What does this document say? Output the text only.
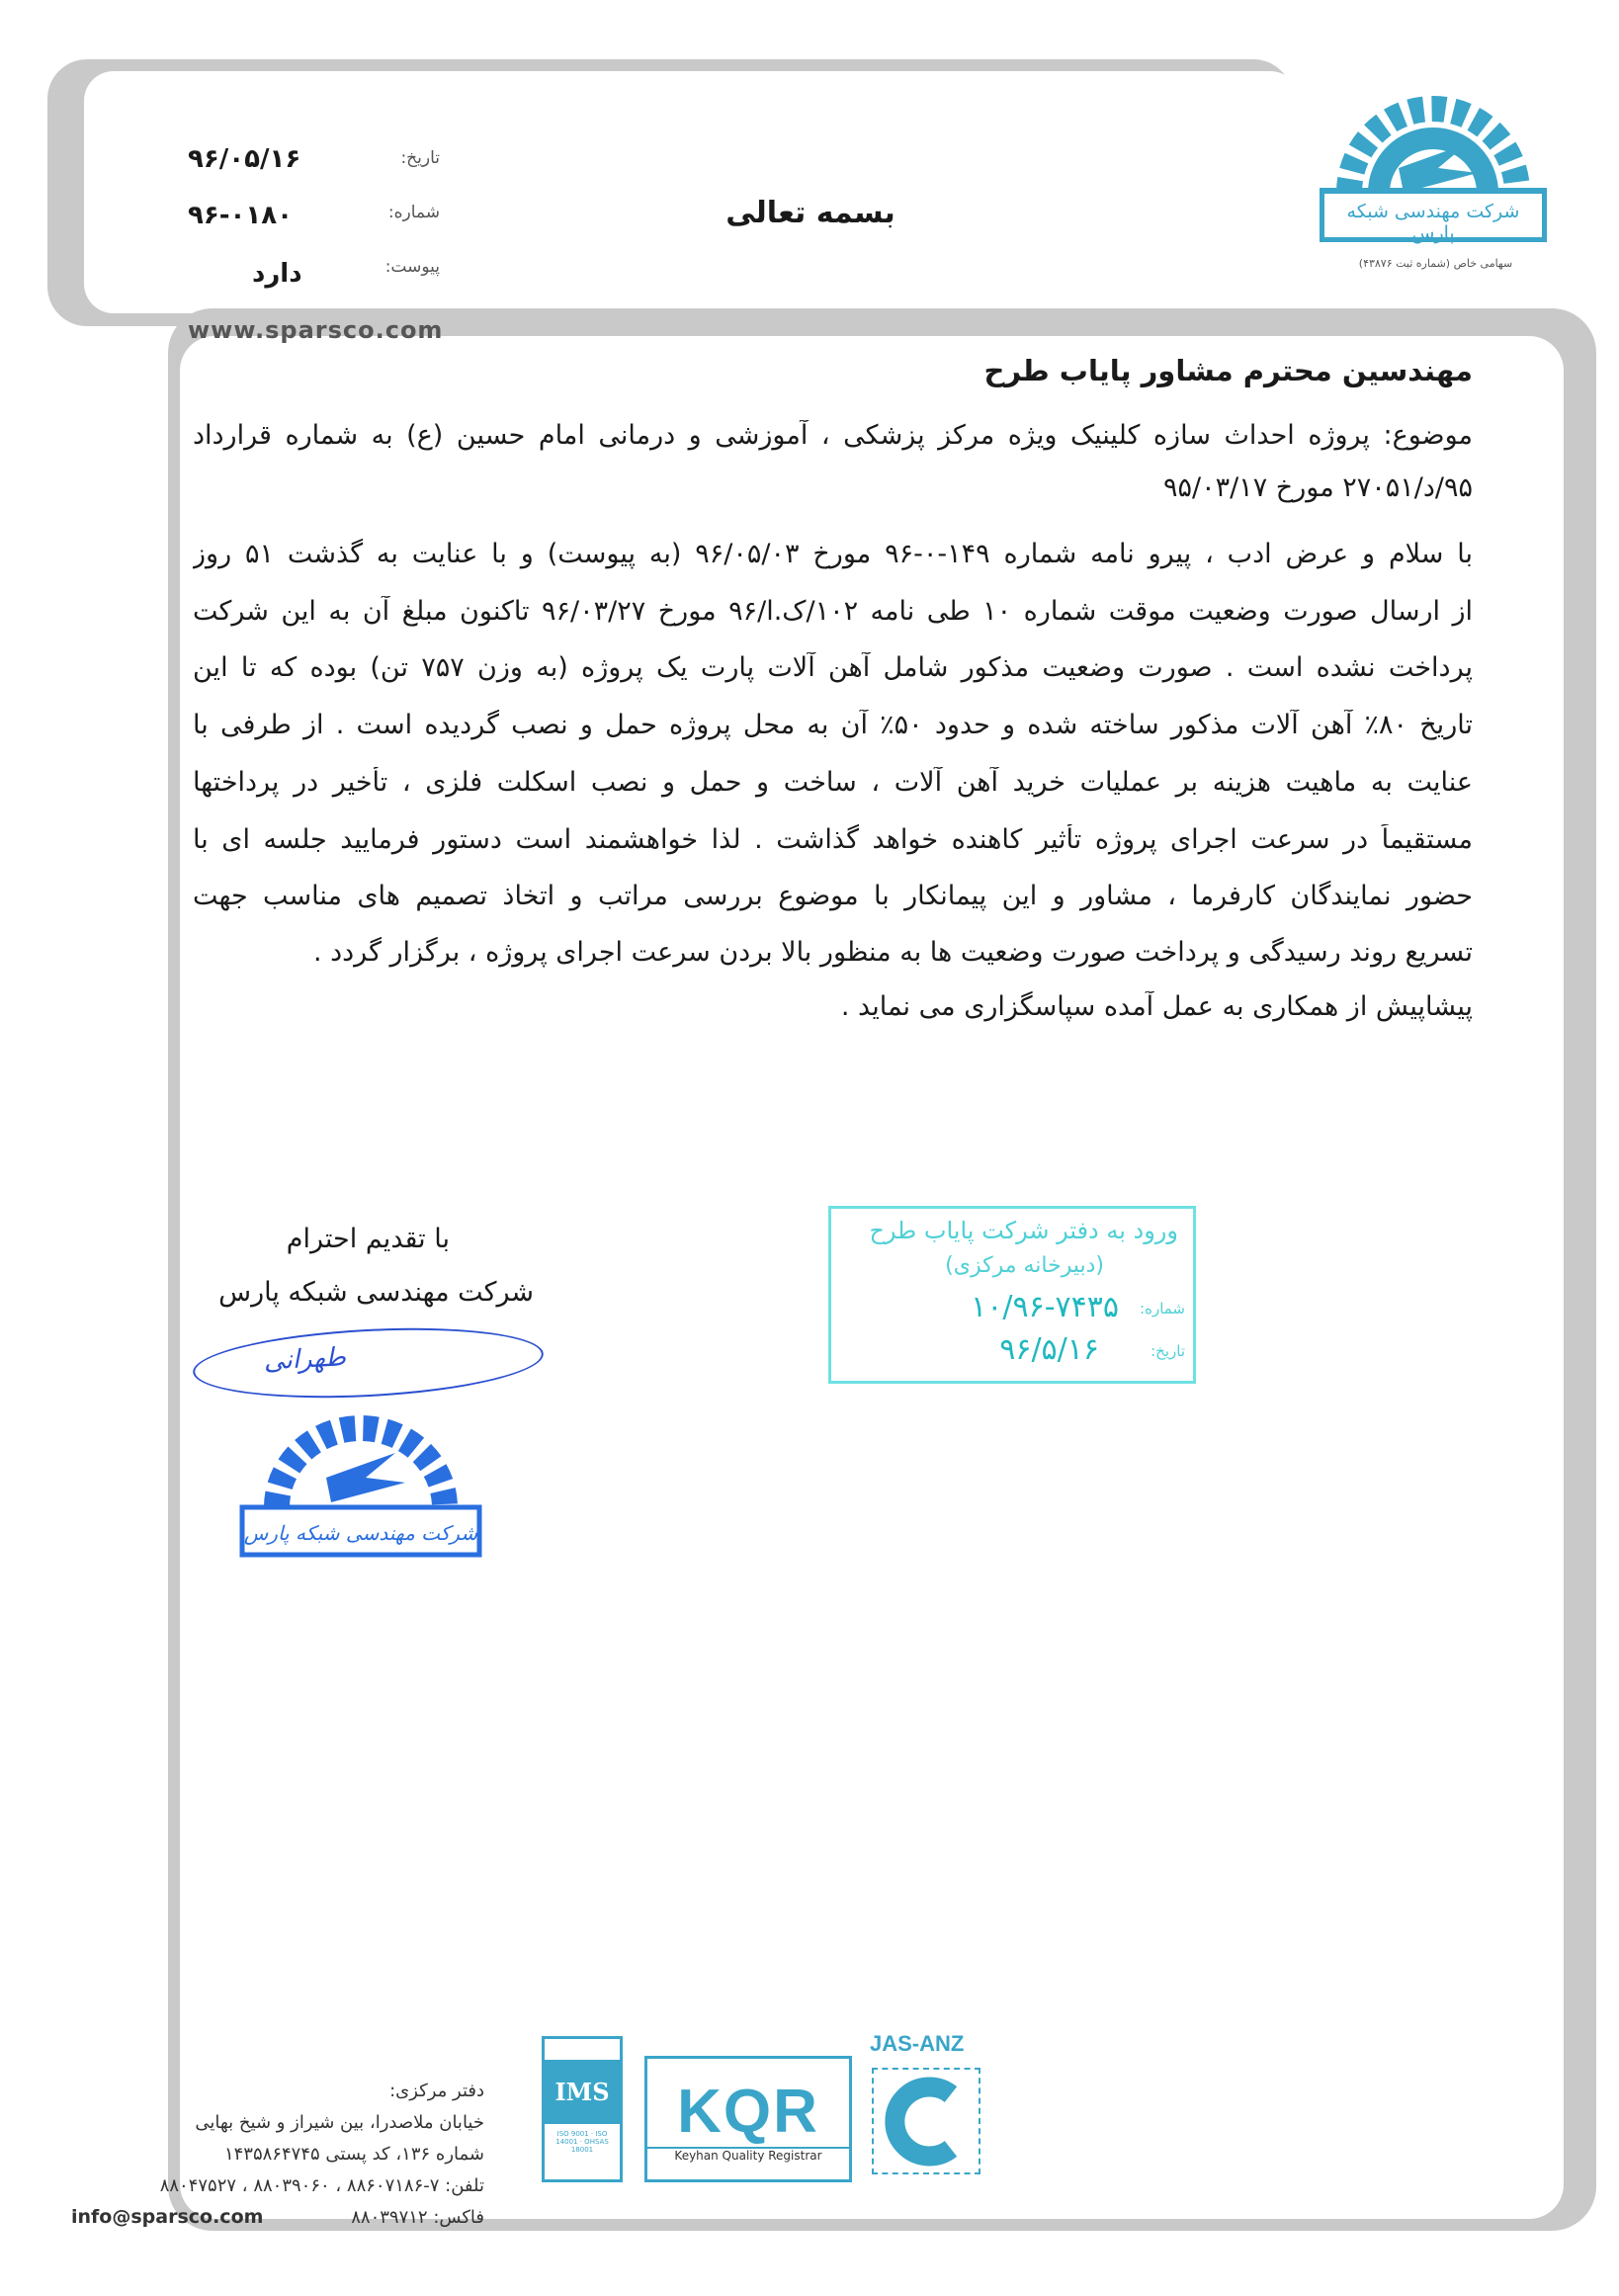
شرکت مهندسی شبکه پارس
سهامی خاص (شماره ثبت ۴۳۸۷۶)
بسمه تعالی
تاریخ:
۹۶/۰۵/۱۶
شماره:
۹۶-۰۱۸۰
پیوست:
دارد
www.sparsco.com
مهندسین محترم مشاور پایاب طرح
موضوع: پروژه احداث سازه کلینیک ویژه مرکز پزشکی ، آموزشی و درمانی امام حسین (ع) به شماره قرارداد
۹۵/د/۲۷۰۵۱ مورخ ۹۵/۰۳/۱۷
با سلام و عرض ادب ، پیرو نامه شماره ۱۴۹-۰-۹۶ مورخ ۹۶/۰۵/۰۳ (به پیوست) و با عنایت به گذشت ۵۱ روز
از ارسال صورت وضعیت موقت شماره ۱۰ طی نامه ۱۰۲/ک.ا/۹۶ مورخ ۹۶/۰۳/۲۷ تاکنون مبلغ آن به این شرکت
پرداخت نشده است . صورت وضعیت مذکور شامل آهن آلات پارت یک پروژه (به وزن ۷۵۷ تن) بوده که تا این
تاریخ ۸۰٪ آهن آلات مذکور ساخته شده و حدود ۵۰٪ آن به محل پروژه حمل و نصب گردیده است . از طرفی با
عنایت به ماهیت هزینه بر عملیات خرید آهن آلات ، ساخت و حمل و نصب اسکلت فلزی ، تأخیر در پرداختها
مستقیماً در سرعت اجرای پروژه تأثیر کاهنده خواهد گذاشت . لذا خواهشمند است دستور فرمایید جلسه ای با
حضور نمایندگان کارفرما ، مشاور و این پیمانکار با موضوع بررسی مراتب و اتخاذ تصمیم های مناسب جهت
تسریع روند رسیدگی و پرداخت صورت وضعیت ها به منظور بالا بردن سرعت اجرای پروژه ، برگزار گردد .
پیشاپیش از همکاری به عمل آمده سپاسگزاری می نماید .
با تقدیم احترام
شرکت مهندسی شبکه پارس
طهرانی
شرکت مهندسی شبکه پارس
ورود به دفتر شرکت پایاب طرح
(دبیرخانه مرکزی)
شماره:
۱۰/۹۶-۷۴۳۵
تاریخ:
۹۶/۵/۱۶
IMS
ISO 9001 · ISO 14001 · OHSAS 18001
KQR
Keyhan Quality Registrar
JAS-ANZ
دفتر مرکزی:
خیابان ملاصدرا، بین شیراز و شیخ بهایی
شماره ۱۳۶، کد پستی ۱۴۳۵۸۶۴۷۴۵
تلفن: ۷-۸۸۶۰۷۱۸۶ ، ۸۸۰۳۹۰۶۰ ، ۸۸۰۴۷۵۲۷
فاکس: ۸۸۰۳۹۷۱۲
info@sparsco.com
